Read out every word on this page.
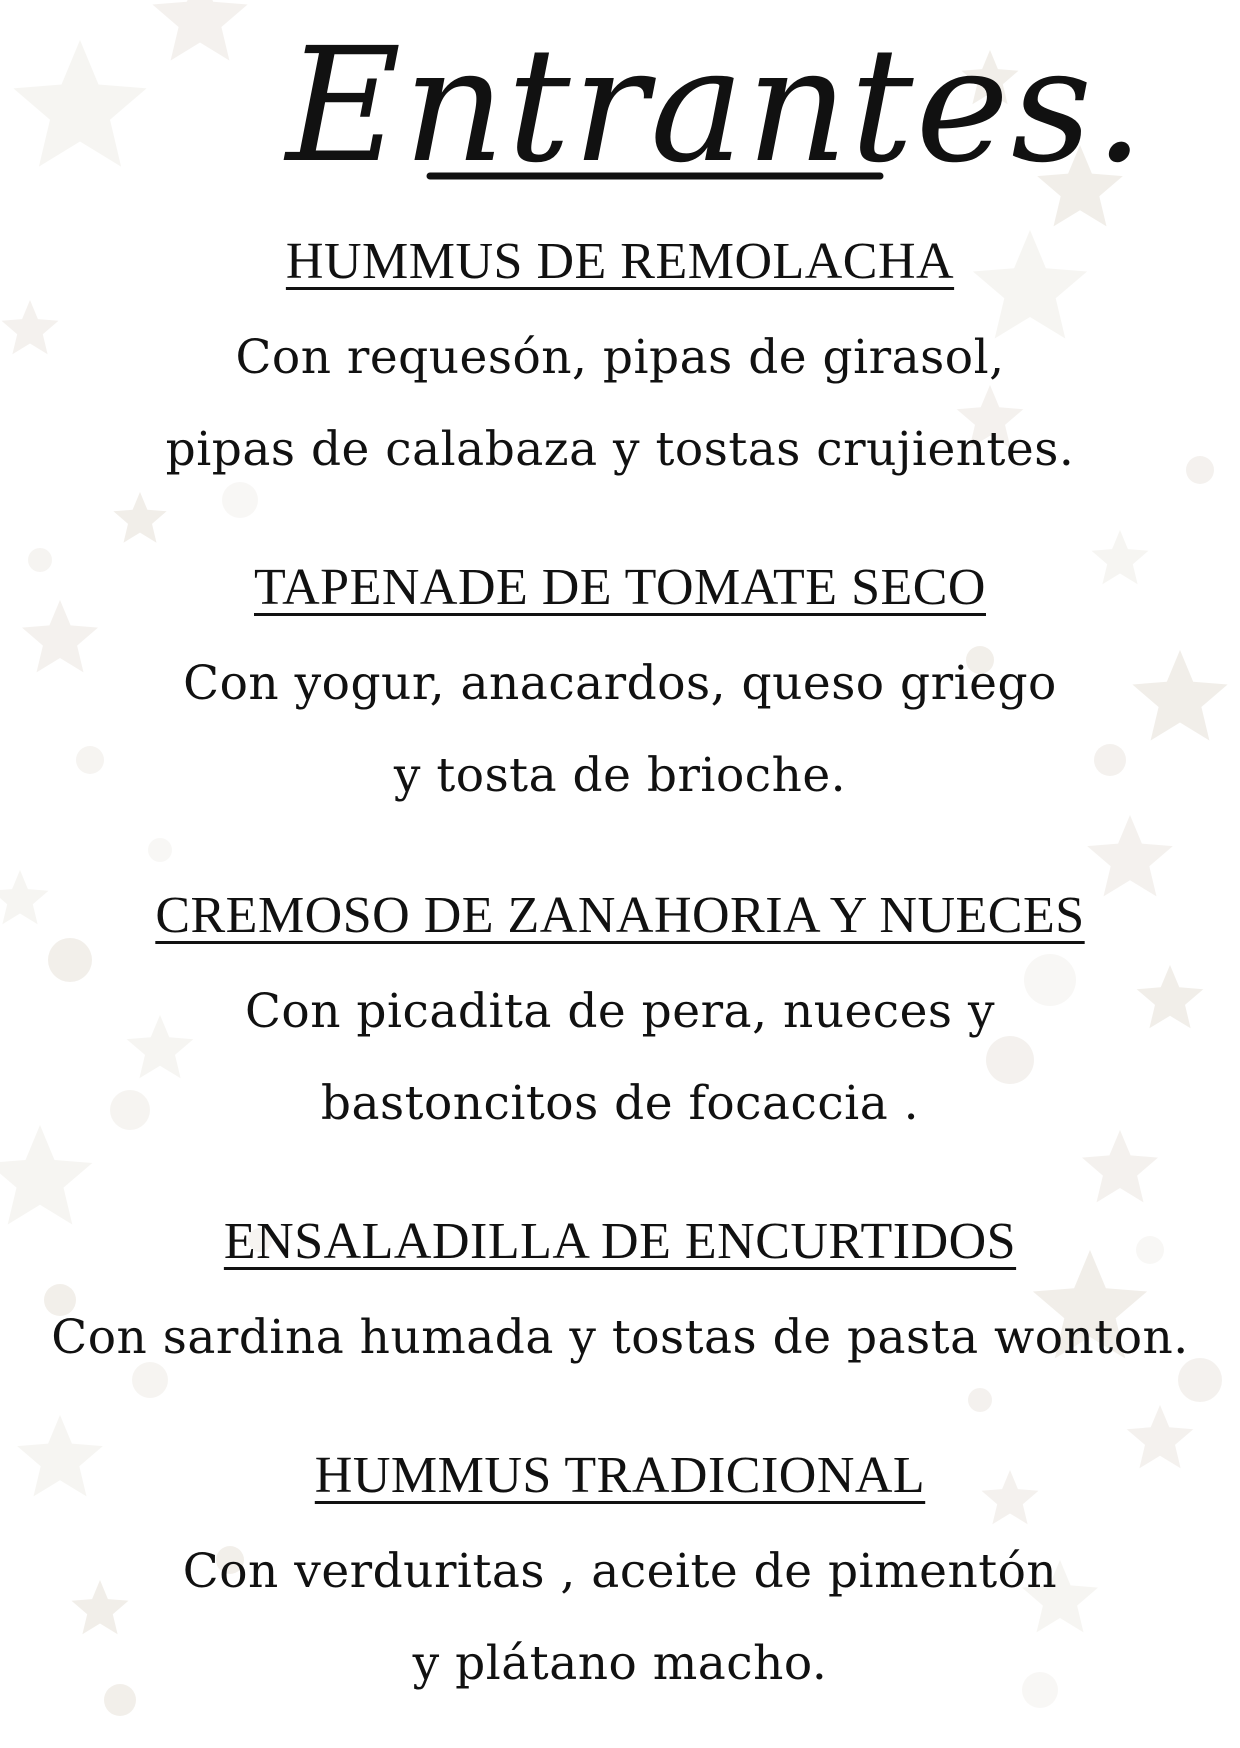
Entrantes.
HUMMUS DE REMOLACHA
Con requesón, pipas de girasol,
pipas de calabaza y tostas crujientes.
TAPENADE DE TOMATE SECO
Con yogur, anacardos, queso griego
y tosta de brioche.
CREMOSO DE ZANAHORIA Y NUECES
Con picadita de pera, nueces y
bastoncitos de focaccia .
ENSALADILLA DE ENCURTIDOS
Con sardina humada y tostas de pasta wonton.
HUMMUS TRADICIONAL
Con verduritas , aceite de pimentón
y plátano macho.
